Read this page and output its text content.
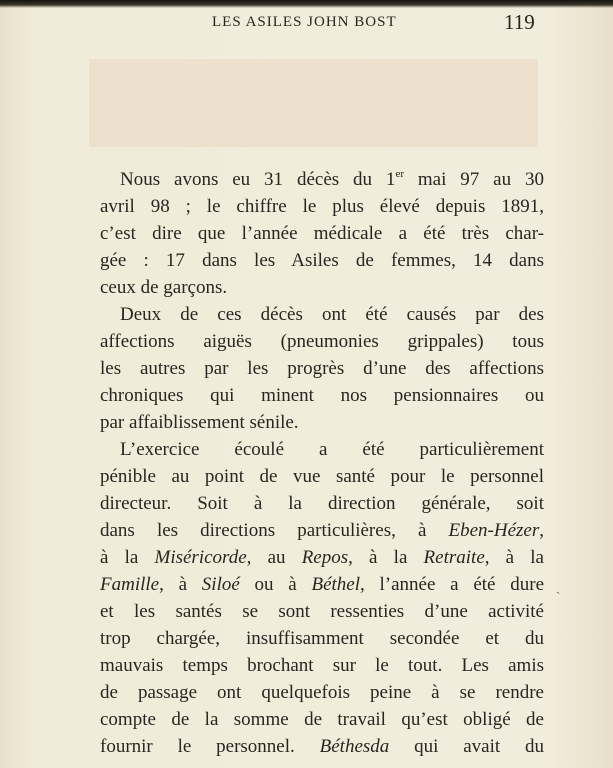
LES ASILES JOHN BOST	119
Nous avons eu 31 décès du 1er mai 97 au 30
avril 98 ; le chiffre le plus élevé depuis 1891,
c’est dire que l’année médicale a été très char-
gée : 17 dans les Asiles de femmes, 14 dans
ceux de garçons.
Deux de ces décès ont été causés par des
affections aiguës (pneumonies grippales) tous
les autres par les progrès d’une des affections
chroniques qui minent nos pensionnaires ou
par affaiblissement sénile.
L’exercice écoulé a été particulièrement
pénible au point de vue santé pour le personnel
directeur. Soit à la direction générale, soit
dans les directions particulières, à Eben-Hézer,
à la Miséricorde, au Repos, à la Retraite, à la
Famille, à Siloé ou à Béthel, l’année a été dure
et les santés se sont ressenties d’une activité
trop chargée, insuffisamment secondée et du
mauvais temps brochant sur le tout. Les amis
de passage ont quelquefois peine à se rendre
compte de la somme de travail qu’est obligé de
fournir le personnel. Béthesda qui avait du
˴
